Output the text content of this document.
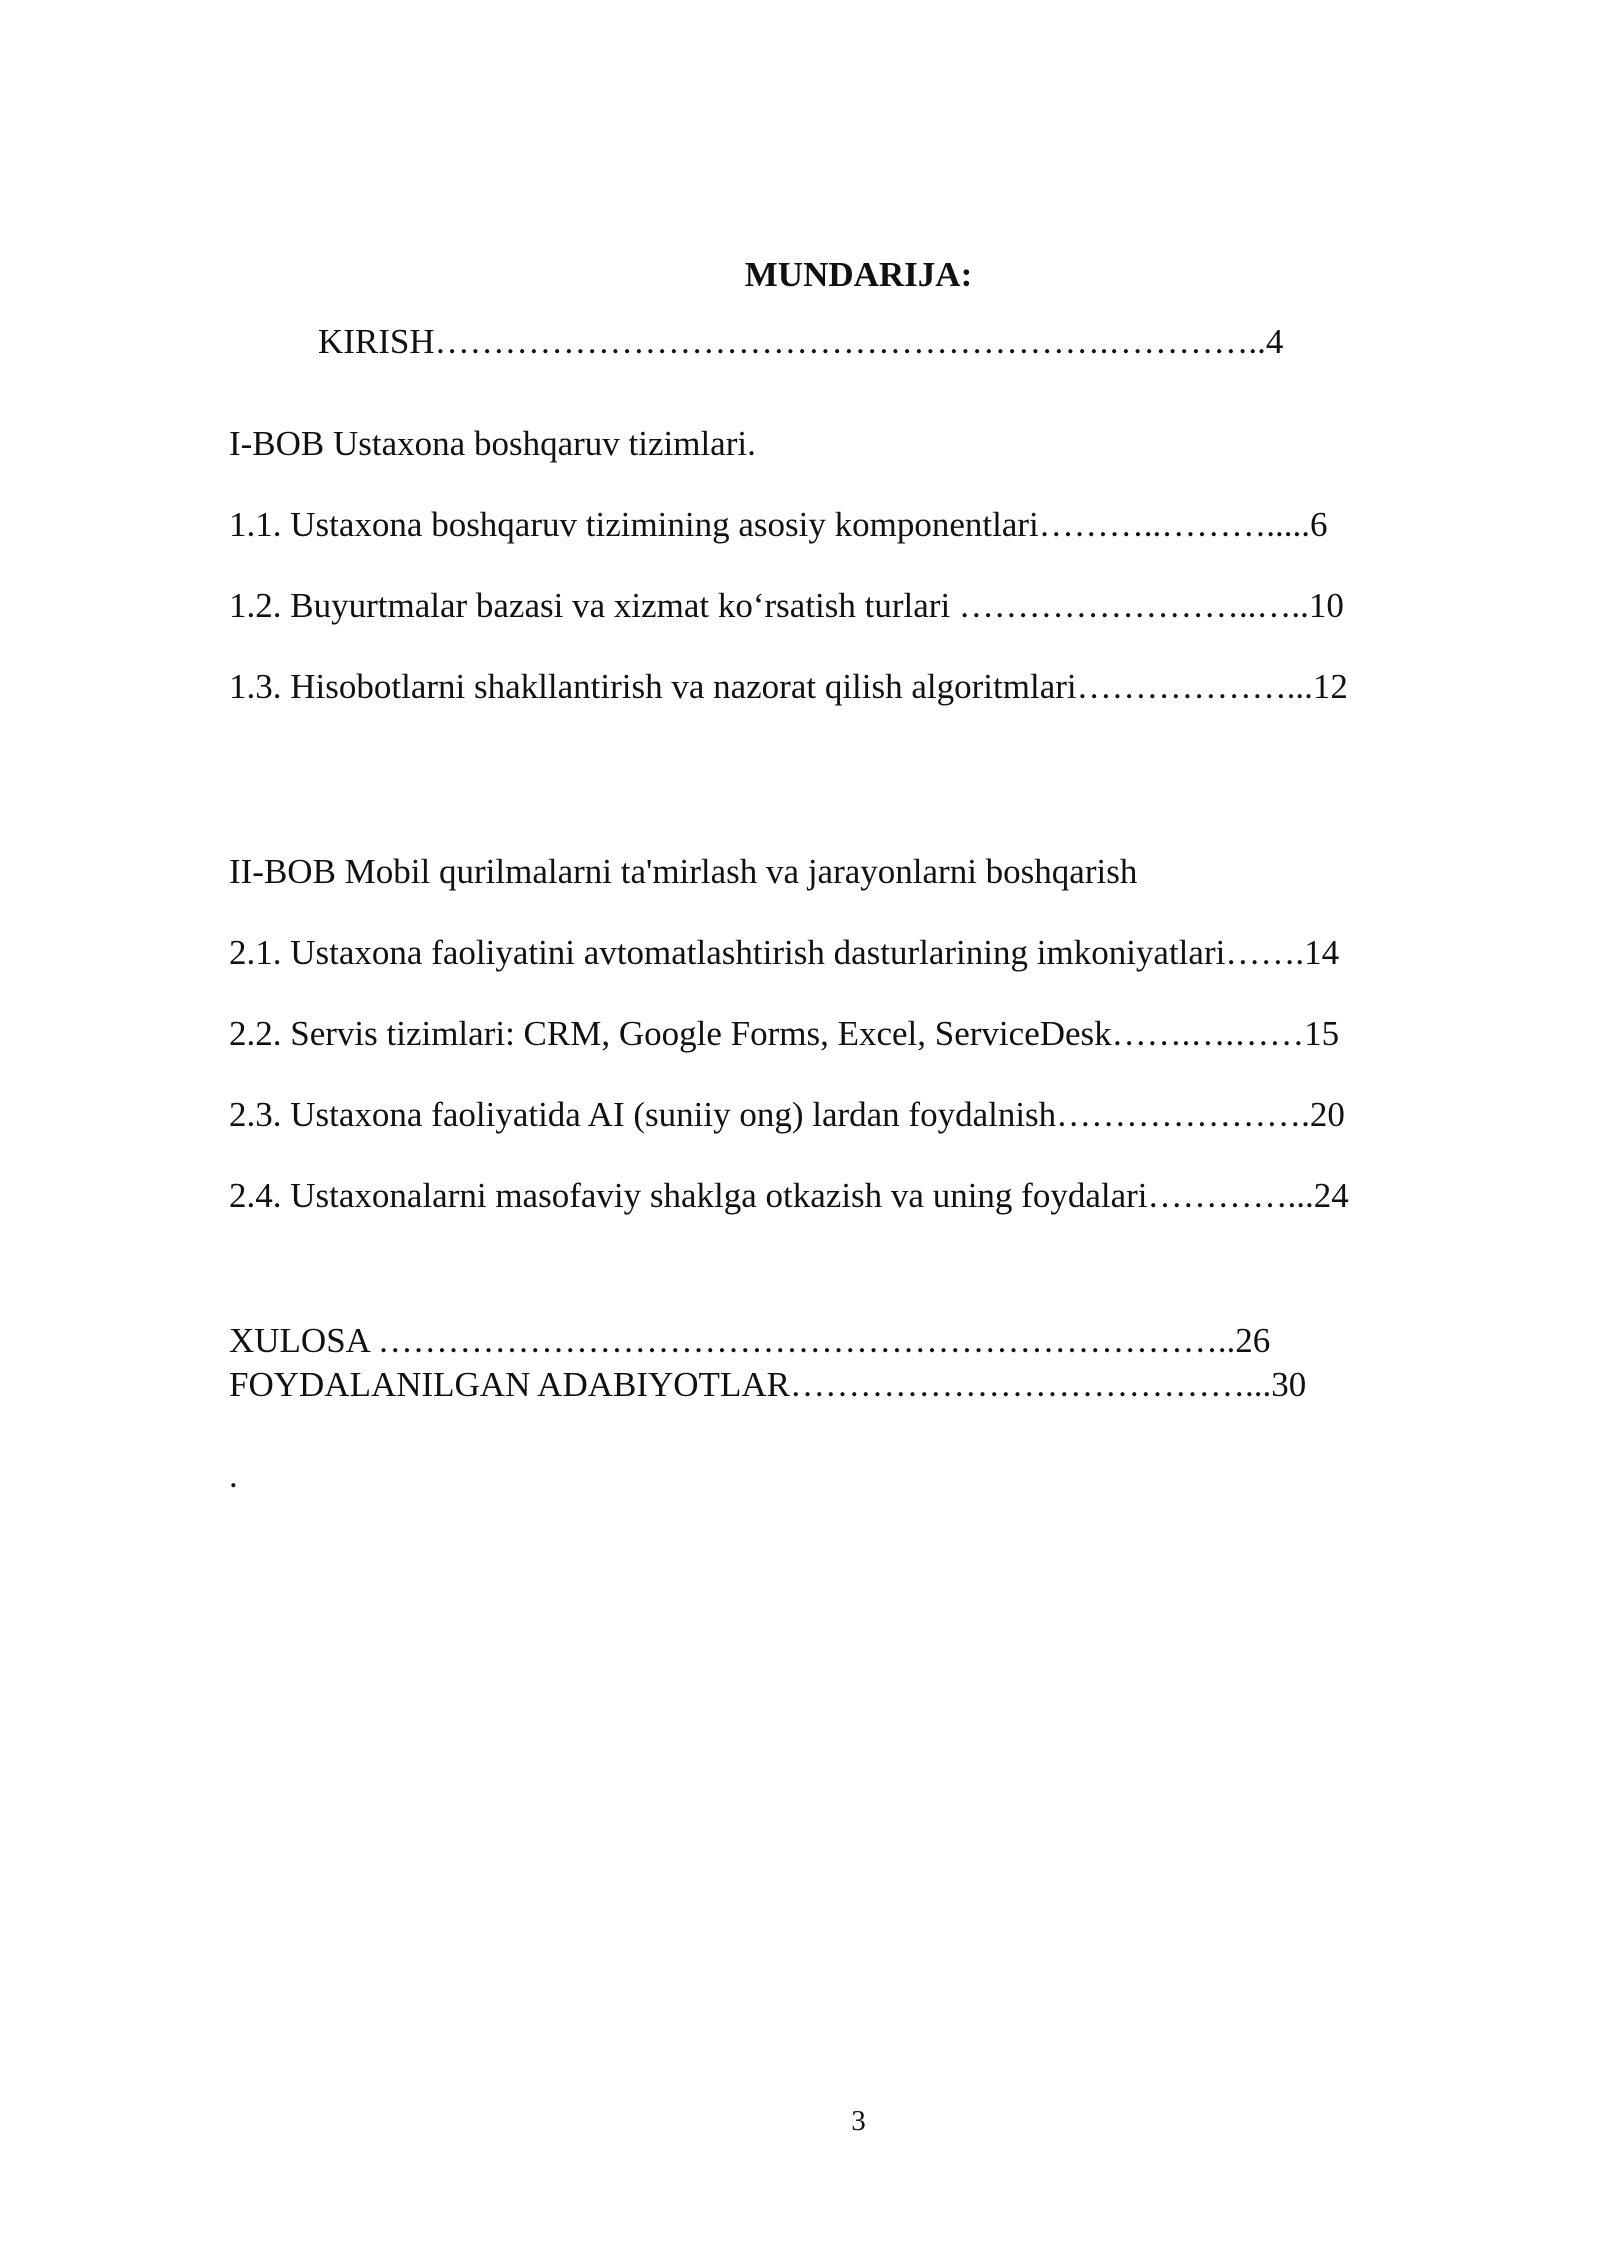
MUNDARIJA:
KIRISH………………………………………………….…………..4
I-BOB Ustaxona boshqaruv tizimlari.
1.1. Ustaxona boshqaruv tizimining asosiy komponentlari………..……….....6
1.2. Buyurtmalar bazasi va xizmat koʻrsatish turlari ……………………..…..10
1.3. Hisobotlarni shakllantirish va nazorat qilish algoritmlari………………...12
II-BOB Mobil qurilmalarni ta'mirlash va jarayonlarni boshqarish
2.1. Ustaxona faoliyatini avtomatlashtirish dasturlarining imkoniyatlari…….14
2.2. Servis tizimlari: CRM, Google Forms, Excel, ServiceDesk…….….……15
2.3. Ustaxona faoliyatida AI (suniiy ong) lardan foydalnish………………….20
2.4. Ustaxonalarni masofaviy shaklga otkazish va uning foydalari…………...24
XULOSA ………………………………………………………………..26
FOYDALANILGAN ADABIYOTLAR…………………………………...30
.
3
